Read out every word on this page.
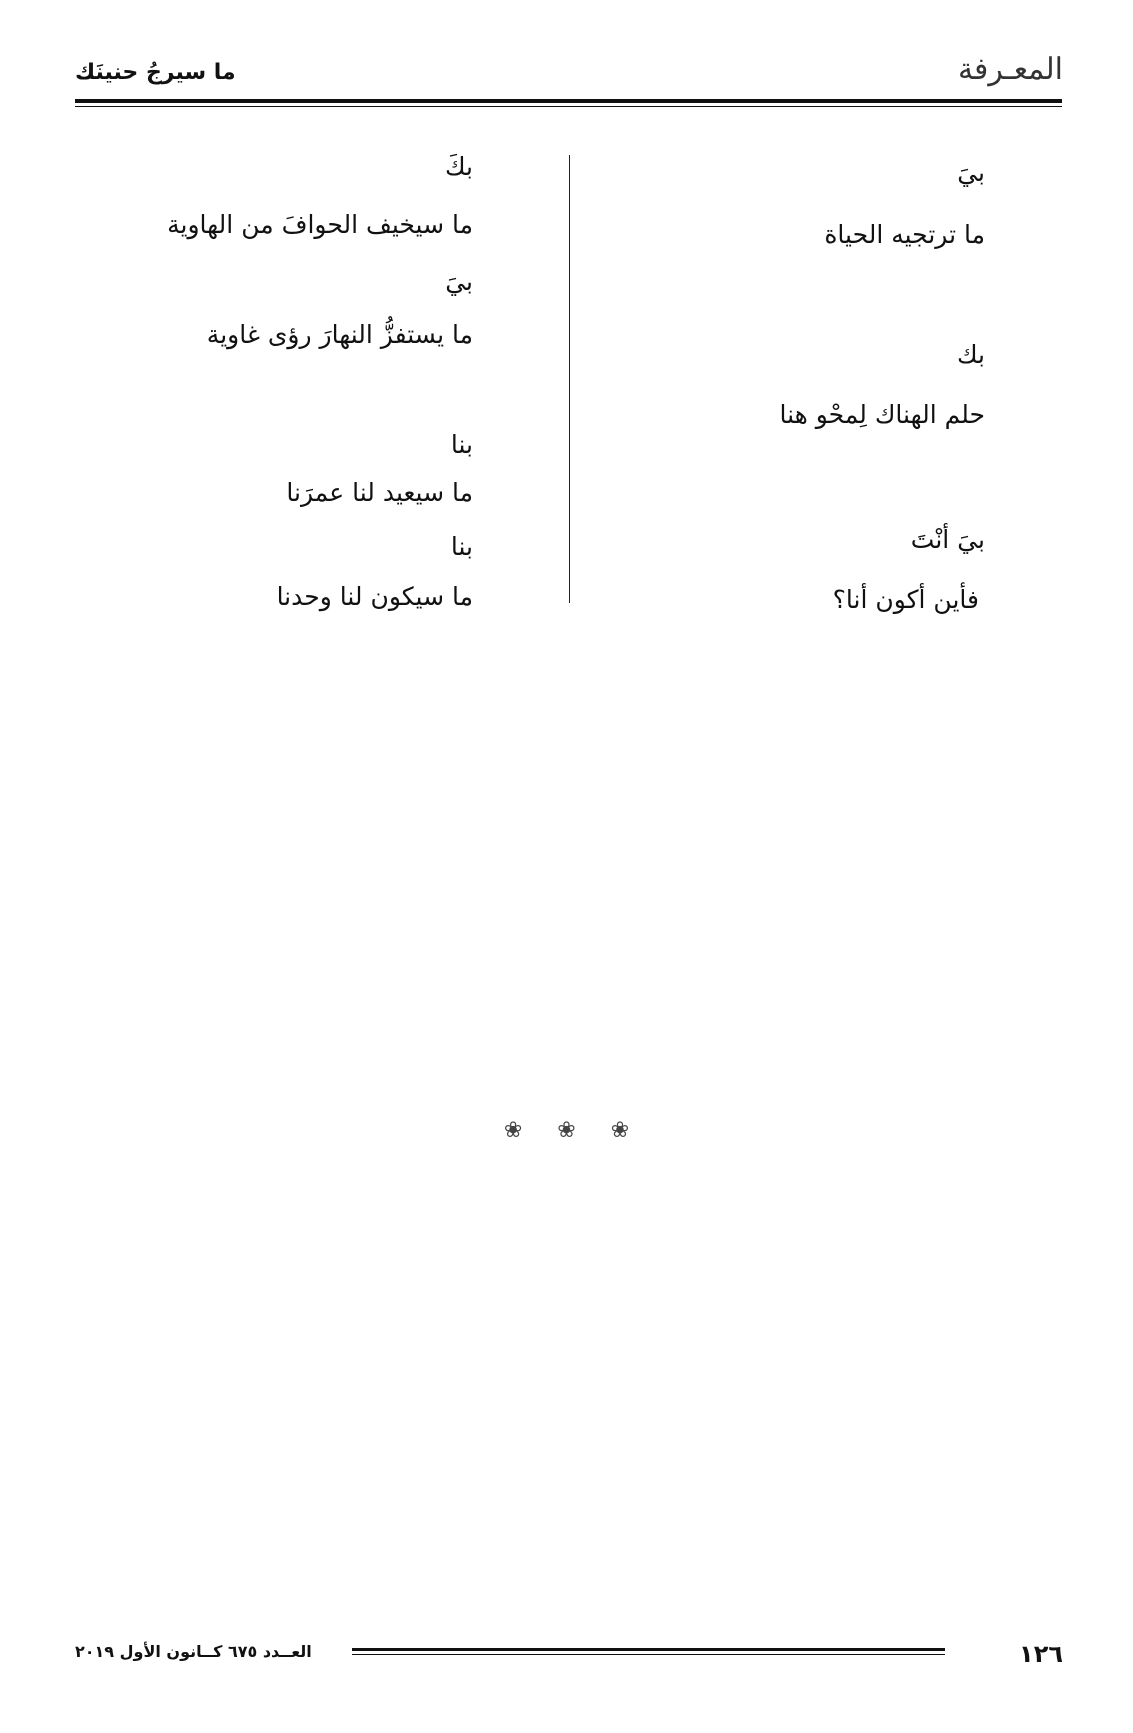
المعـرفة
ما سيرجُ حنينَك
بيَ
ما ترتجيه الحياة
بك
حلم الهناك لِمحْو هنا
بيَ أنْتَ
فأين أكون أنا؟
بكَ
ما سيخيف الحوافَ من الهاوية
بيَ
ما يستفزُّ النهارَ رؤى غاوية
بنا
ما سيعيد لنا عمرَنا
بنا
ما سيكون لنا وحدنا
❀ ❀ ❀
١٢٦
العــدد ٦٧٥ كــانون الأول ٢٠١٩
